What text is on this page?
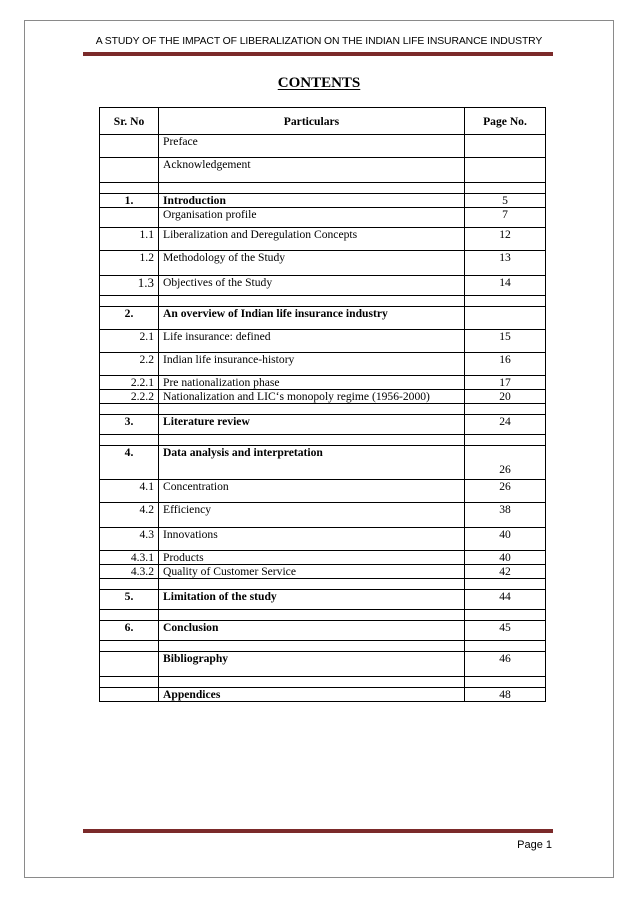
A STUDY OF THE IMPACT OF LIBERALIZATION ON THE INDIAN LIFE INSURANCE INDUSTRY
CONTENTS
Sr. No	Particulars	Page No.
	Preface	
	Acknowledgement	

1.	Introduction	5
	Organisation profile	7
1.1	Liberalization and Deregulation Concepts	12
1.2	Methodology of the Study	13
1.3	Objectives of the Study	14

2.	An overview of Indian life insurance industry	
2.1	Life insurance: defined	15
2.2	Indian life insurance-history	16
2.2.1	Pre nationalization phase	17
2.2.2	Nationalization and LIC‘s monopoly regime (1956-2000)	20

3.	Literature review	24

4.	Data analysis and interpretation	26
4.1	Concentration	26
4.2	Efficiency	38
4.3	Innovations	40
4.3.1	Products	40
4.3.2	Quality of Customer Service	42

5.	Limitation of the study	44

6.	Conclusion	45

	Bibliography	46

	Appendices	48
Page 1
